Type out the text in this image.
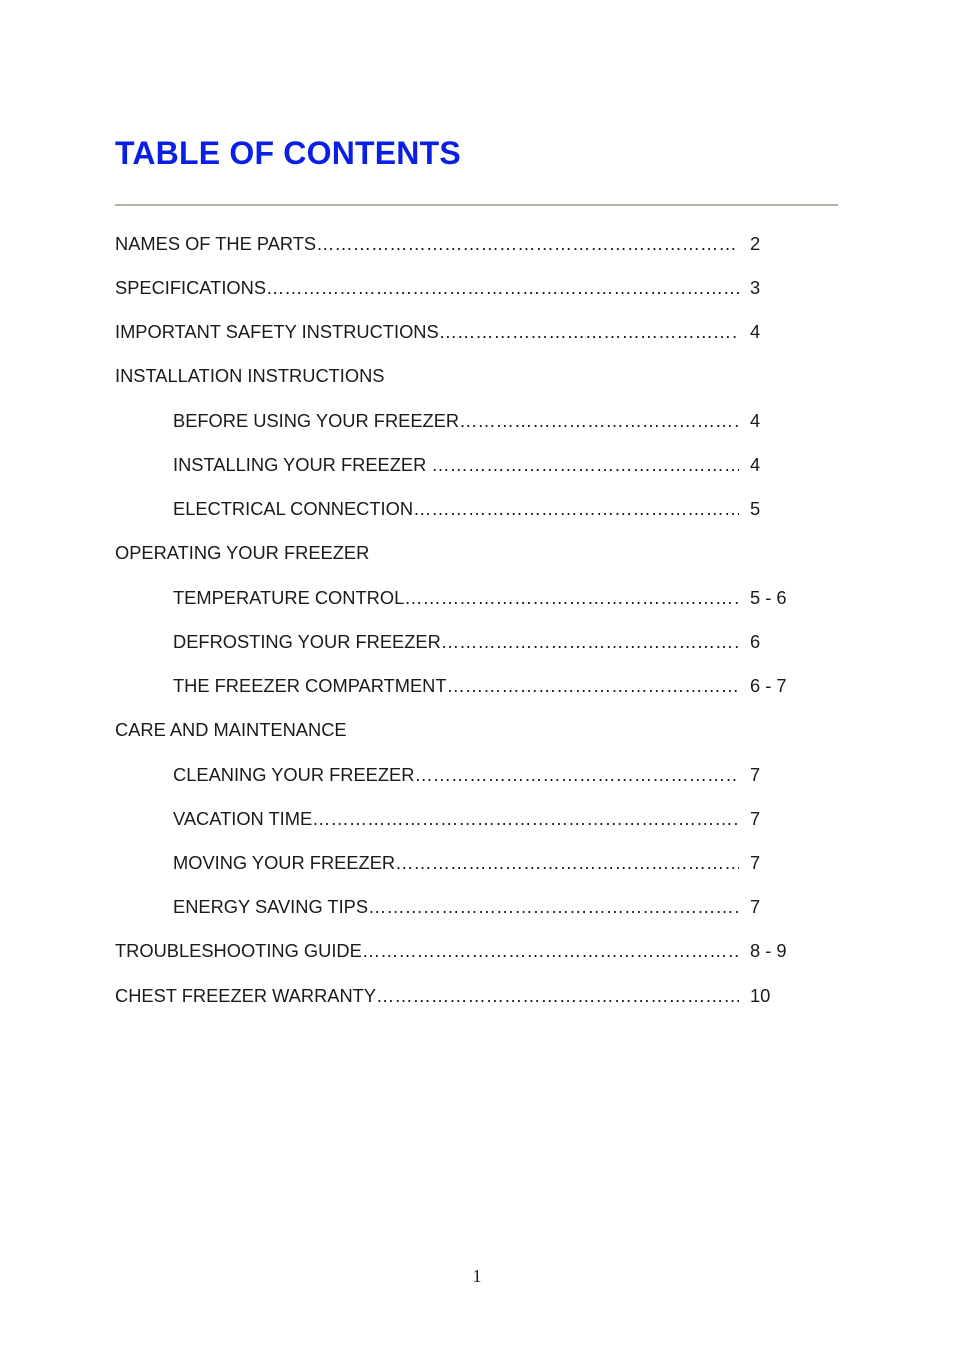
TABLE OF CONTENTS
NAMES OF THE PARTS ………………………………………………………………………………………………………………………………………………………………	2
SPECIFICATIONS ………………………………………………………………………………………………………………………………………………………………	3
IMPORTANT SAFETY INSTRUCTIONS ………………………………………………………………………………………………………………………………………………………………	4
INSTALLATION INSTRUCTIONS
BEFORE USING YOUR FREEZER ………………………………………………………………………………………………………………………………………………………………	4
INSTALLING YOUR FREEZER  ………………………………………………………………………………………………………………………………………………………………	4
ELECTRICAL CONNECTION ………………………………………………………………………………………………………………………………………………………………	5
OPERATING YOUR FREEZER
TEMPERATURE CONTROL ………………………………………………………………………………………………………………………………………………………………	5 - 6
DEFROSTING YOUR FREEZER ………………………………………………………………………………………………………………………………………………………………	6
THE FREEZER COMPARTMENT ………………………………………………………………………………………………………………………………………………………………	6 - 7
CARE AND MAINTENANCE
CLEANING YOUR FREEZER ………………………………………………………………………………………………………………………………………………………………	7
VACATION TIME ………………………………………………………………………………………………………………………………………………………………	7
MOVING YOUR FREEZER ………………………………………………………………………………………………………………………………………………………………	7
ENERGY SAVING TIPS ………………………………………………………………………………………………………………………………………………………………	7
TROUBLESHOOTING GUIDE ………………………………………………………………………………………………………………………………………………………………	8 - 9
CHEST FREEZER WARRANTY ………………………………………………………………………………………………………………………………………………………………	10
1
